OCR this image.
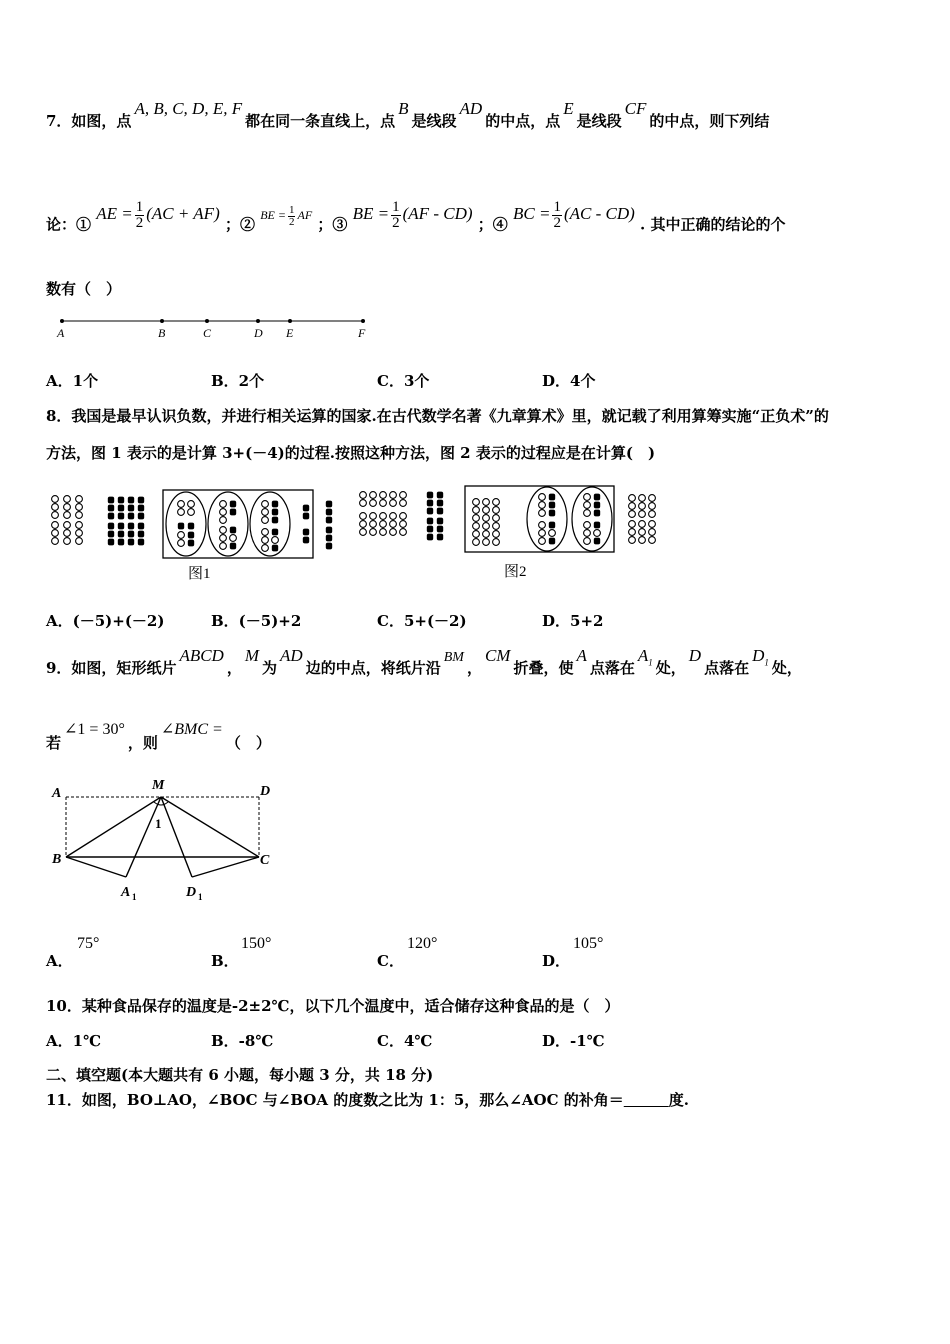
7．如图，点A, B, C, D, E, F都在同一条直线上，点B是线段AD的中点，点E是线段CF的中点，则下列结
论：① AE = $\frac{1}{2} (AC + AF)$ ；② $^{BE = \frac{1}{2} AF}$ ；③ BE = $\frac{1}{2} (AF - CD)$ ；④ BC = $\frac{1}{2} (AC - CD)$ . 其中正确的结论的个
数有（　）
A	B	C	D E	F
A．1个	B．2个	C．3个	D．4个
8．我国是最早认识负数，并进行相关运算的国家.在古代数学名著《九章算术》里，就记载了利用算筹实施“正负术”的
方法，图 1 表示的是计算 3+(－4)的过程.按照这种方法，图 2 表示的过程应是在计算(　)
图1	图2
A．(－5)+(－2)	B．(－5)+2	C．5+(－2)	D．5+2
9．如图，矩形纸片ABCD，M为AD边的中点，将纸片沿BM，CM折叠，使A点落在$A_1$ 处，D点落在$D_1$ 处，
若∠1 = 30°，则∠BMC =（　）
A
M	D
B	C
1
A 1	D 1
A．
75°
B．
150°
C．
120°
D．
105°
10．某种食品保存的温度是-2±2℃，以下几个温度中，适合储存这种食品的是（　）
A．1℃	B．-8℃	C．4℃	D．-1℃
二、填空题(本大题共有 6 小题，每小题 3 分，共 18 分)
11．如图，BO⊥AO，∠BOC 与∠BOA 的度数之比为 1：5，那么∠AOC 的补角＝	度.
